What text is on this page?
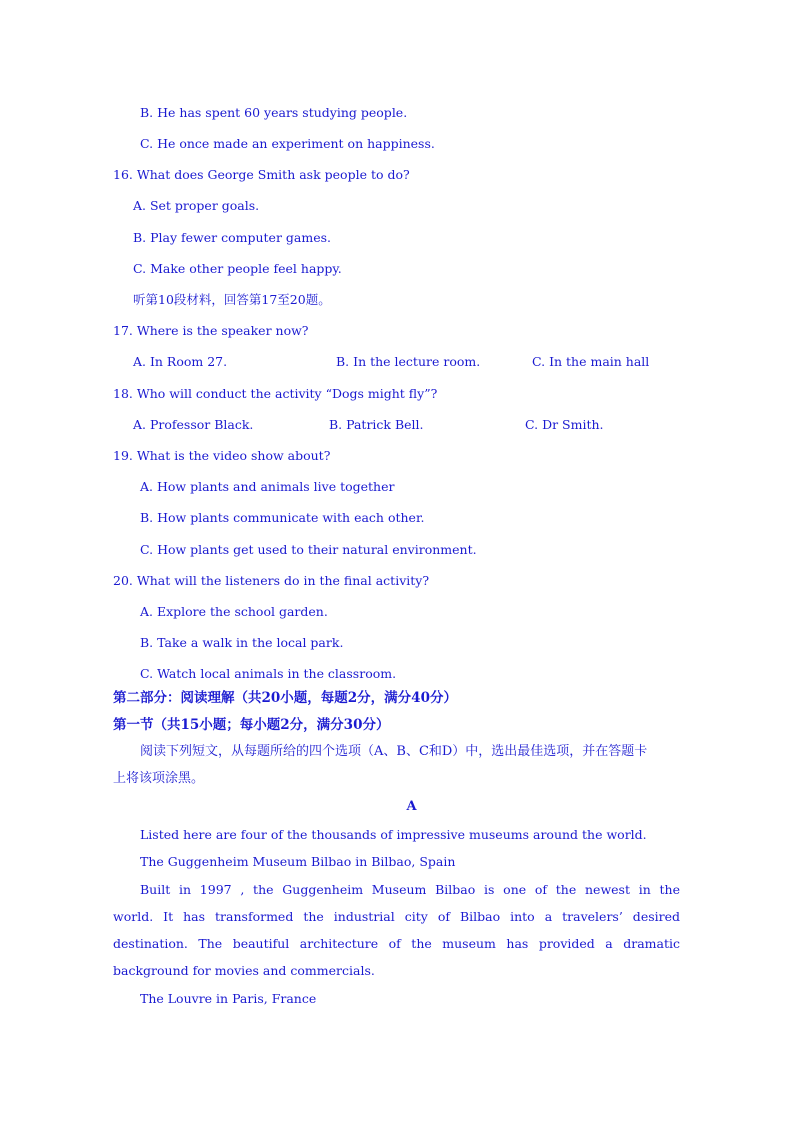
B. He has spent 60 years studying people.
C. He once made an experiment on happiness.
16. What does George Smith ask people to do?
A. Set proper goals.
B. Play fewer computer games.
C. Make other people feel happy.
听第10段材料，回答第17至20题。
17. Where is the speaker now?
A. In Room 27.	B. In the lecture room.	C. In the main hall
18. Who will conduct the activity “Dogs might fly”?
A. Professor Black.	B. Patrick Bell.	C. Dr Smith.
19. What is the video show about?
A. How plants and animals live together
B. How plants communicate with each other.
C. How plants get used to their natural environment.
20. What will the listeners do in the final activity?
A. Explore the school garden.
B. Take a walk in the local park.
C. Watch local animals in the classroom.
第二部分：阅读理解（共20小题，每题2分，满分40分）
第一节（共15小题；每小题2分，满分30分）
阅读下列短文，从每题所给的四个选项（A、B、C和D）中，选出最佳选项，并在答题卡
上将该项涂黑。
A
Listed here are four of the thousands of impressive museums around the world.
The Guggenheim Museum Bilbao in Bilbao, Spain
Built in 1997 , the Guggenheim Museum Bilbao is one of the newest in the
world. It has transformed the industrial city of Bilbao into a travelers’ desired
destination. The beautiful architecture of the museum has provided a dramatic
background for movies and commercials.
The Louvre in Paris, France
